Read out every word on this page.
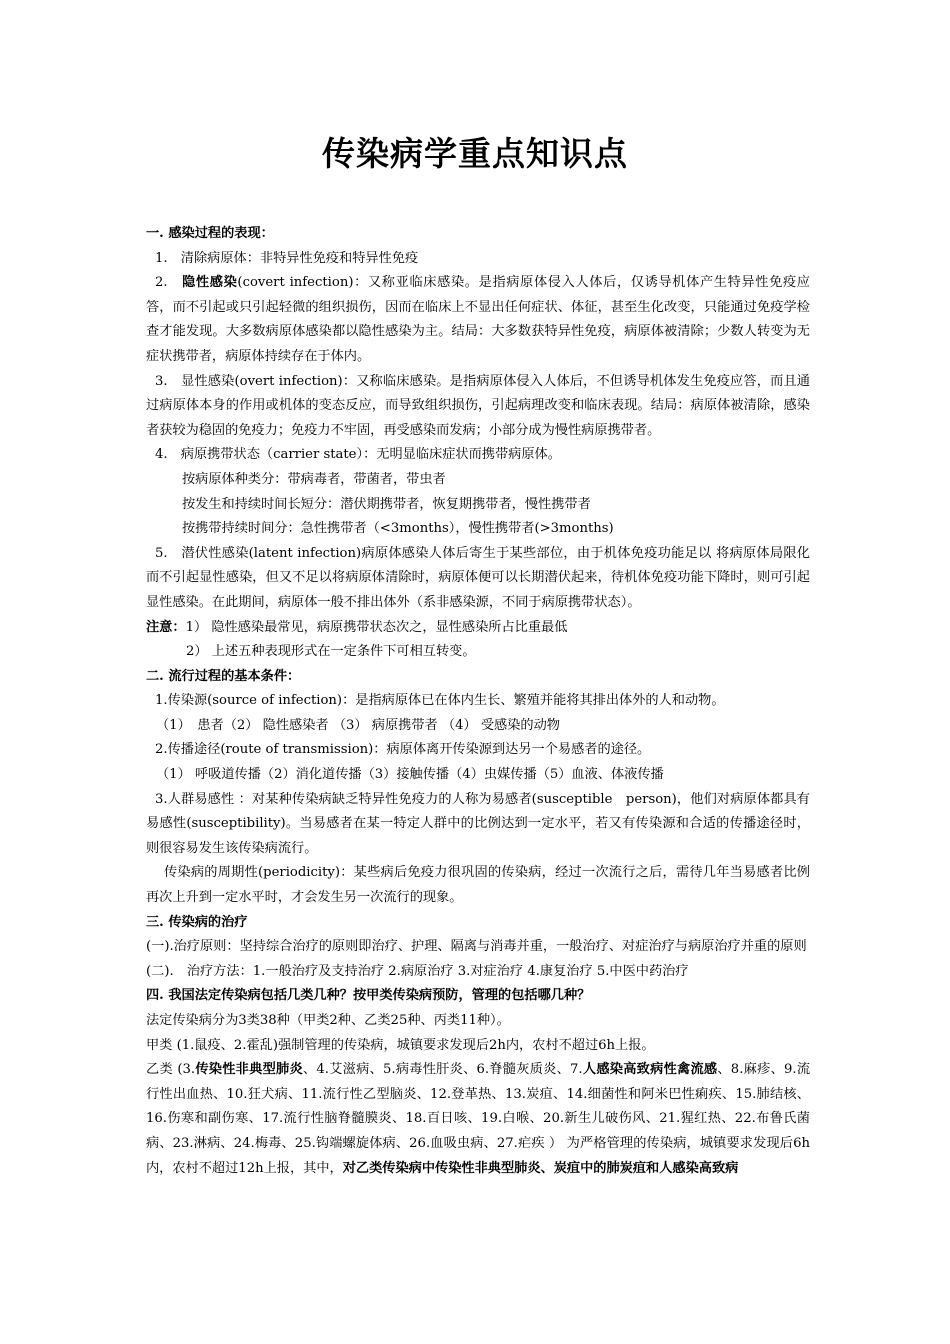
传染病学重点知识点

一. 感染过程的表现：

1.　清除病原体：非特异性免疫和特异性免疫

2.　隐性感染(covert infection)：又称亚临床感染。是指病原体侵入人体后，仅诱导机体产生特异性免疫应答，而不引起或只引起轻微的组织损伤，因而在临床上不显出任何症状、体征，甚至生化改变，只能通过免疫学检查才能发现。大多数病原体感染都以隐性感染为主。结局：大多数获特异性免疫，病原体被清除；少数人转变为无症状携带者，病原体持续存在于体内。

3.　显性感染(overt infection)：又称临床感染。是指病原体侵入人体后，不但诱导机体发生免疫应答，而且通过病原体本身的作用或机体的变态反应，而导致组织损伤，引起病理改变和临床表现。结局：病原体被清除，感染者获较为稳固的免疫力；免疫力不牢固，再受感染而发病；小部分成为慢性病原携带者。

4.　病原携带状态（carrier state）：无明显临床症状而携带病原体。

按病原体种类分：带病毒者，带菌者，带虫者

按发生和持续时间长短分：潜伏期携带者，恢复期携带者，慢性携带者

按携带持续时间分：急性携带者（<3months），慢性携带者(>3months)

5.　潜伏性感染(latent infection)病原体感染人体后寄生于某些部位，由于机体免疫功能足以 将病原体局限化而不引起显性感染，但又不足以将病原体清除时，病原体便可以长期潜伏起来，待机体免疫功能下降时，则可引起显性感染。在此期间，病原体一般不排出体外（系非感染源，不同于病原携带状态）。

注意：1） 隐性感染最常见，病原携带状态次之，显性感染所占比重最低

2） 上述五种表现形式在一定条件下可相互转变。

二. 流行过程的基本条件：

1.传染源(source of infection)：是指病原体已在体内生长、繁殖并能将其排出体外的人和动物。

（1）　患者（2） 隐性感染者 （3） 病原携带者 （4） 受感染的动物

2.传播途径(route of transmission)：病原体离开传染源到达另一个易感者的途径。

（1） 呼吸道传播（2）消化道传播（3）接触传播（4）虫媒传播（5）血液、体液传播

3.人群易感性 ：对某种传染病缺乏特异性免疫力的人称为易感者(susceptible　person)，他们对病原体都具有易感性(susceptibility)。当易感者在某一特定人群中的比例达到一定水平，若又有传染源和合适的传播途径时，则很容易发生该传染病流行。

传染病的周期性(periodicity)：某些病后免疫力很巩固的传染病，经过一次流行之后，需待几年当易感者比例再次上升到一定水平时，才会发生另一次流行的现象。

三. 传染病的治疗

(一).治疗原则：坚持综合治疗的原则即治疗、护理、隔离与消毒并重，一般治疗、对症治疗与病原治疗并重的原则

(二).　治疗方法：1.一般治疗及支持治疗 2.病原治疗 3.对症治疗 4.康复治疗 5.中医中药治疗

四. 我国法定传染病包括几类几种？按甲类传染病预防，管理的包括哪几种？

法定传染病分为3类38种（甲类2种、乙类25种、丙类11种）。

甲类 (1.鼠疫、2.霍乱)强制管理的传染病，城镇要求发现后2h内，农村不超过6h上报。

乙类 (3.传染性非典型肺炎、4.艾滋病、5.病毒性肝炎、6.脊髓灰质炎、7.人感染高致病性禽流感、8.麻疹、9.流行性出血热、10.狂犬病、11.流行性乙型脑炎、12.登革热、13.炭疽、14.细菌性和阿米巴性痢疾、15.肺结核、16.伤寒和副伤寒、17.流行性脑脊髓膜炎、18.百日咳、19.白喉、20.新生儿破伤风、21.猩红热、22.布鲁氏菌病、23.淋病、24.梅毒、25.钩端螺旋体病、26.血吸虫病、27.疟疾 ） 为严格管理的传染病，城镇要求发现后6h内，农村不超过12h上报，其中，对乙类传染病中传染性非典型肺炎、炭疽中的肺炭疽和人感染高致病
